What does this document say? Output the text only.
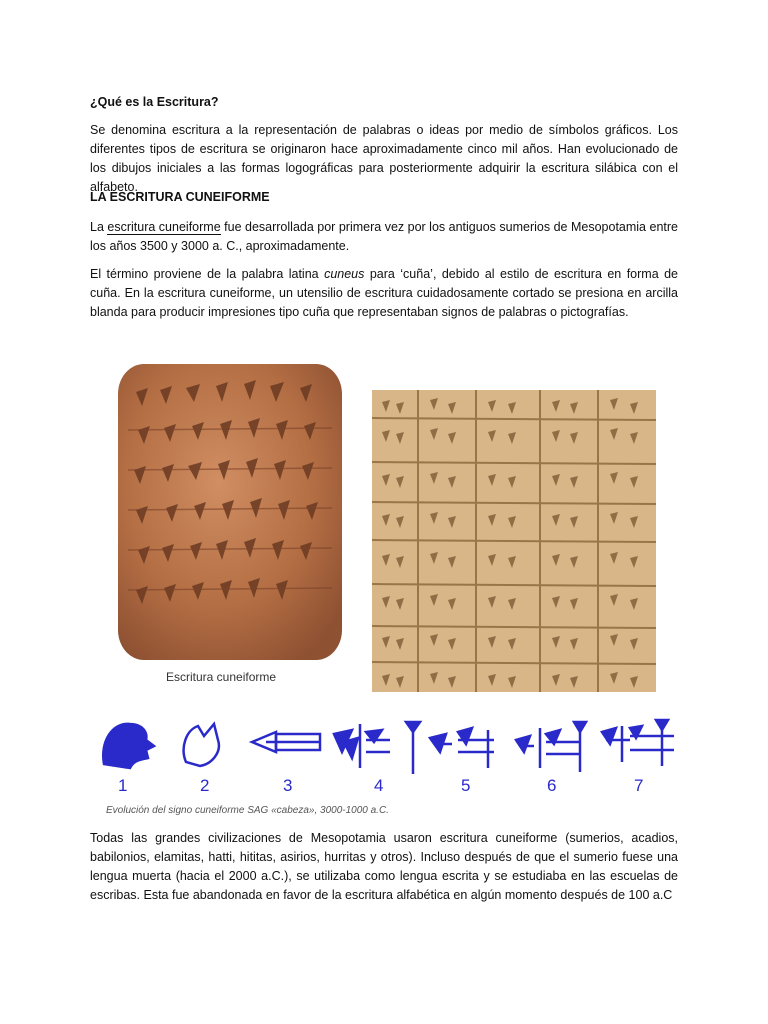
¿Qué es la Escritura?
Se denomina escritura a la representación de palabras o ideas por medio de símbolos gráficos. Los diferentes tipos de escritura se originaron hace aproximadamente cinco mil años. Han evolucionado de los dibujos iniciales a las formas logográficas para posteriormente adquirir la escritura silábica con el alfabeto.
LA ESCRITURA CUNEIFORME
La escritura cuneiforme fue desarrollada por primera vez por los antiguos sumerios de Mesopotamia entre los años 3500 y 3000 a. C., aproximadamente.
El término proviene de la palabra latina cuneus para ‘cuña’, debido al estilo de escritura en forma de cuña. En la escritura cuneiforme, un utensilio de escritura cuidadosamente cortado se presiona en arcilla blanda para producir impresiones tipo cuña que representaban signos de palabras o pictografías.
Escritura cuneiforme
1	2	3	4	5	6	7
Evolución del signo cuneiforme SAG «cabeza», 3000-1000 a.C.
Todas las grandes civilizaciones de Mesopotamia usaron escritura cuneiforme (sumerios, acadios, babilonios, elamitas, hatti, hititas, asirios, hurritas y otros). Incluso después de que el sumerio fuese una lengua muerta (hacia el 2000 a.C.), se utilizaba como lengua escrita y se estudiaba en las escuelas de escribas. Esta fue abandonada en favor de la escritura alfabética en algún momento después de 100 a.C
